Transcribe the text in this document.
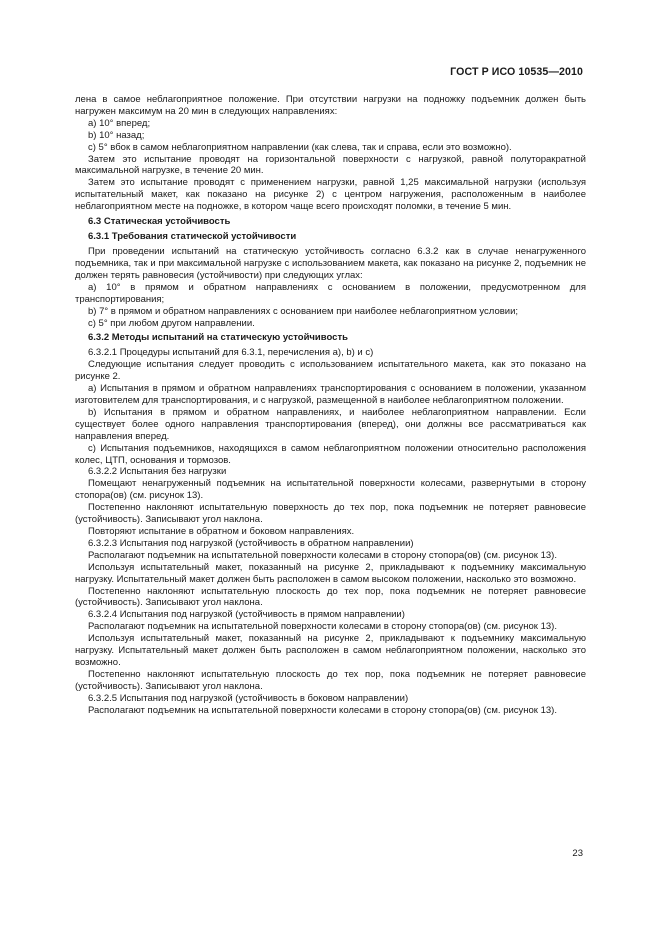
ГОСТ Р ИСО 10535—2010

лена в самое неблагоприятное положение. При отсутствии нагрузки на подножку подъемник должен быть нагружен максимум на 20 мин в следующих направлениях:

a) 10° вперед;

b) 10° назад;

c) 5° вбок в самом неблагоприятном направлении (как слева, так и справа, если это возможно).

Затем это испытание проводят на горизонтальной поверхности с нагрузкой, равной полуторакратной максимальной нагрузке, в течение 20 мин.

Затем это испытание проводят с применением нагрузки, равной 1,25 максимальной нагрузки (используя испытательный макет, как показано на рисунке 2) с центром нагружения, расположенным в наиболее неблагоприятном месте на подножке, в котором чаще всего происходят поломки, в течение 5 мин.

6.3 Статическая устойчивость
6.3.1 Требования статической устойчивости

При проведении испытаний на статическую устойчивость согласно 6.3.2 как в случае ненагруженного подъемника, так и при максимальной нагрузке с использованием макета, как показано на рисунке 2, подъемник не должен терять равновесия (устойчивости) при следующих углах:

a) 10° в прямом и обратном направлениях с основанием в положении, предусмотренном для транспортирования;

b) 7° в прямом и обратном направлениях с основанием при наиболее неблагоприятном условии;

c) 5° при любом другом направлении.

6.3.2 Методы испытаний на статическую устойчивость

6.3.2.1 Процедуры испытаний для 6.3.1, перечисления a), b) и c)

Следующие испытания следует проводить с использованием испытательного макета, как это показано на рисунке 2.

a) Испытания в прямом и обратном направлениях транспортирования с основанием в положении, указанном изготовителем для транспортирования, и с нагрузкой, размещенной в наиболее неблагоприятном положении.

b) Испытания в прямом и обратном направлениях, и наиболее неблагоприятном направлении. Если существует более одного направления транспортирования (вперед), они должны все рассматриваться как направления вперед.

c) Испытания подъемников, находящихся в самом неблагоприятном положении относительно расположения колес, ЦТП, основания и тормозов.

6.3.2.2 Испытания без нагрузки

Помещают ненагруженный подъемник на испытательной поверхности колесами, развернутыми в сторону стопора(ов) (см. рисунок 13).

Постепенно наклоняют испытательную поверхность до тех пор, пока подъемник не потеряет равновесие (устойчивость). Записывают угол наклона.

Повторяют испытание в обратном и боковом направлениях.

6.3.2.3 Испытания под нагрузкой (устойчивость в обратном направлении)

Располагают подъемник на испытательной поверхности колесами в сторону стопора(ов) (см. рисунок 13).

Используя испытательный макет, показанный на рисунке 2, прикладывают к подъемнику максимальную нагрузку. Испытательный макет должен быть расположен в самом высоком положении, насколько это возможно.

Постепенно наклоняют испытательную плоскость до тех пор, пока подъемник не потеряет равновесие (устойчивость). Записывают угол наклона.

6.3.2.4 Испытания под нагрузкой (устойчивость в прямом направлении)

Располагают подъемник на испытательной поверхности колесами в сторону стопора(ов) (см. рисунок 13).

Используя испытательный макет, показанный на рисунке 2, прикладывают к подъемнику максимальную нагрузку. Испытательный макет должен быть расположен в самом неблагоприятном положении, насколько это возможно.

Постепенно наклоняют испытательную плоскость до тех пор, пока подъемник не потеряет равновесие (устойчивость). Записывают угол наклона.

6.3.2.5 Испытания под нагрузкой (устойчивость в боковом направлении)

Располагают подъемник на испытательной поверхности колесами в сторону стопора(ов) (см. рисунок 13).

23
